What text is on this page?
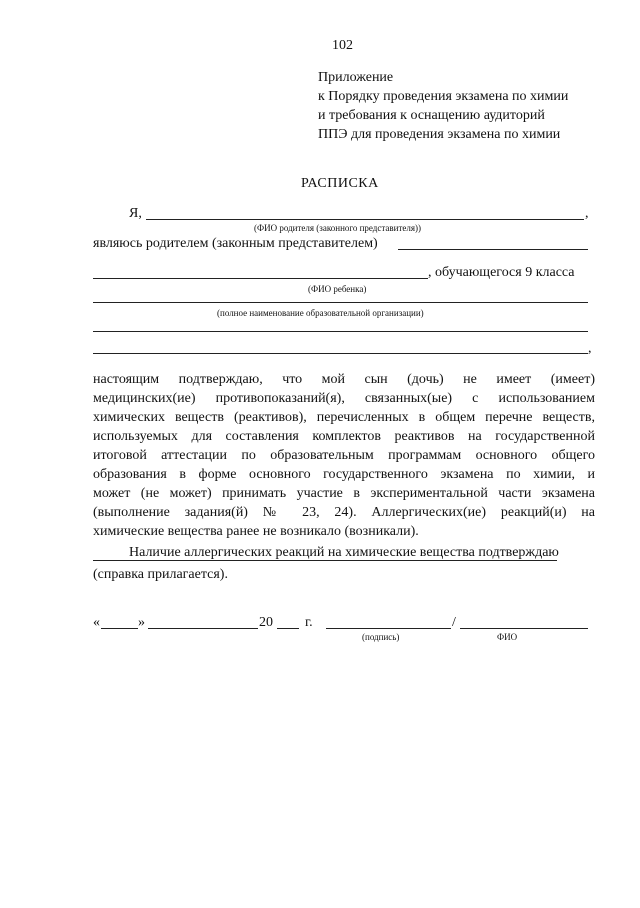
102
Приложение
к Порядку проведения экзамена по химии
и требования к оснащению аудиторий
ППЭ для проведения экзамена по химии
РАСПИСКА
Я,	,
(ФИО родителя (законного представителя))
являюсь родителем (законным представителем)
, обучающегося 9 класса
(ФИО ребенка)
(полное наименование образовательной организации)
,
настоящим подтверждаю, что мой сын (дочь) не имеет (имеет)
медицинских(ие) противопоказаний(я), связанных(ые) с использованием
химических веществ (реактивов), перечисленных в общем перечне веществ,
используемых для составления комплектов реактивов на государственной
итоговой аттестации по образовательным программам основного общего
образования в форме основного государственного экзамена по химии, и
может (не может) принимать участие в экспериментальной части экзамена
(выполнение задания(й) № 23, 24). Аллергических(ие) реакций(и) на
химические вещества ранее не возникало (возникали).
Наличие аллергических реакций на химические вещества подтверждаю
(справка прилагается).
«	»	20 г.	/
(подпись)	ФИО
